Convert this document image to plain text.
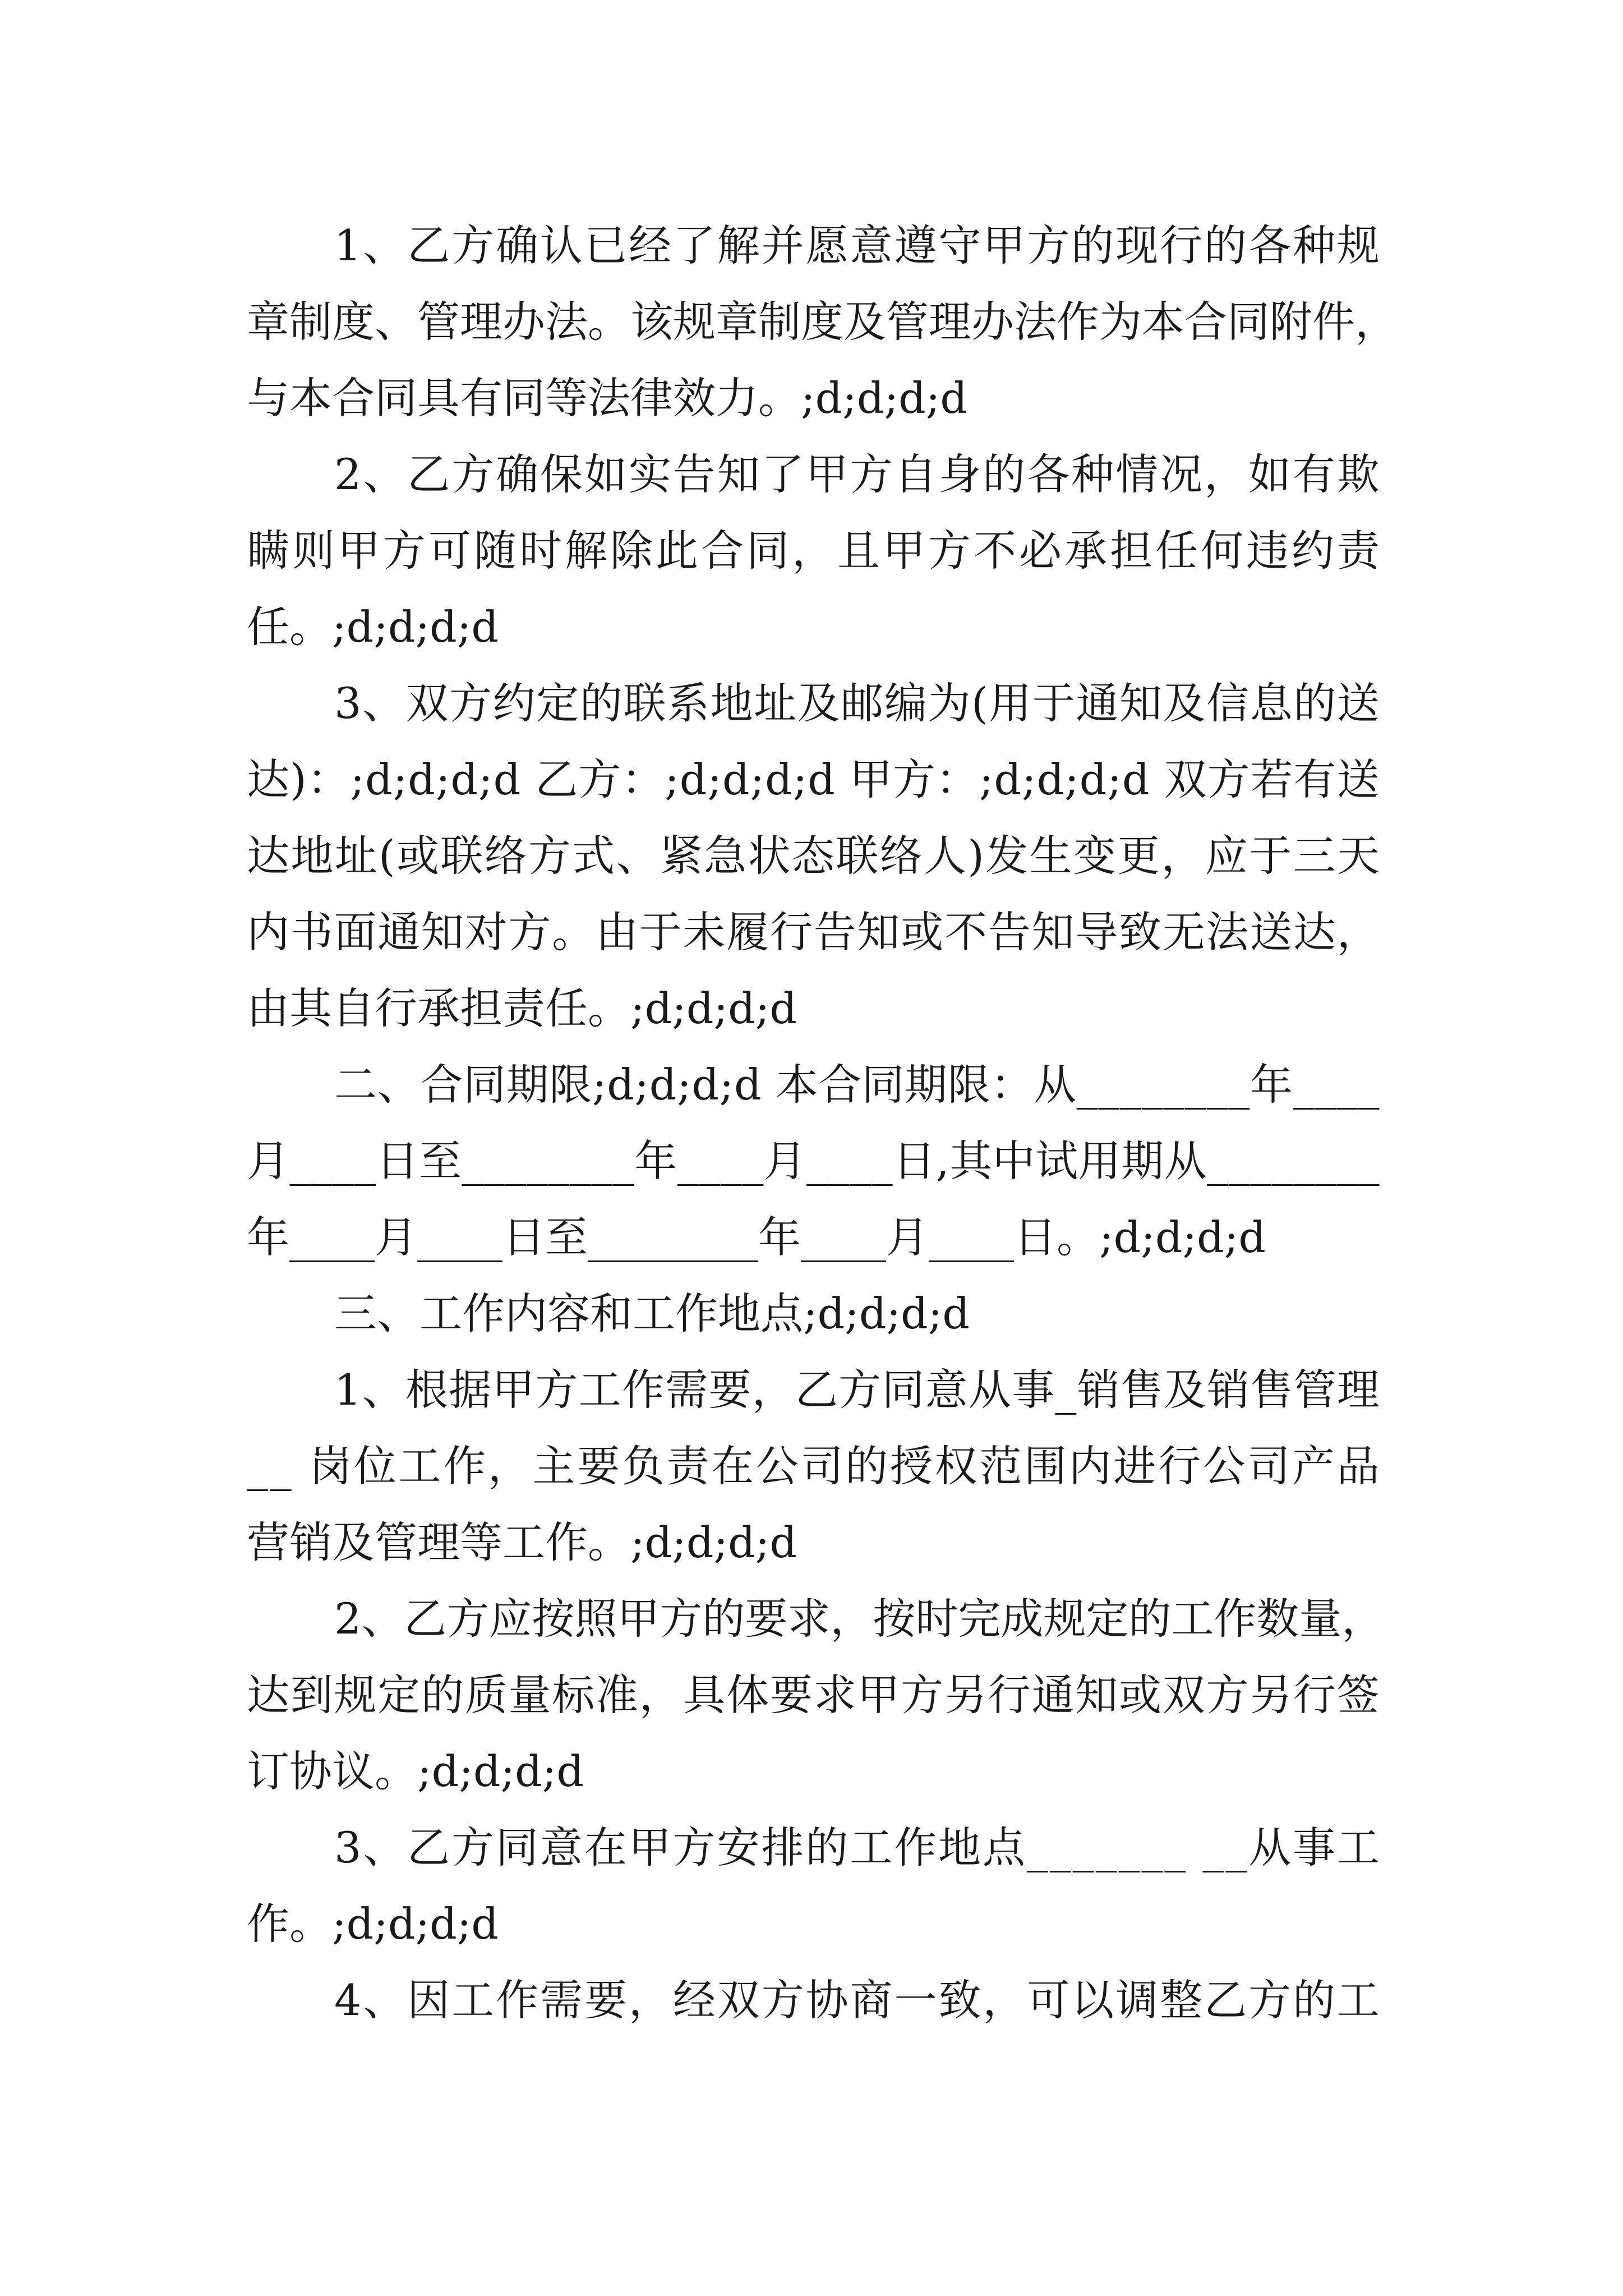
1 、 乙 方 确 认 已 经 了 解 并 愿 意 遵 守 甲 方 的 现 行 的 各 种 规
章 制 度 、 管 理 办 法 。 该 规 章 制 度 及 管 理 办 法 作 为 本 合 同 附 件 ，
与本合同具有同等法律效力。;d;d;d;d
2 、 乙 方 确 保 如 实 告 知 了 甲 方 自 身 的 各 种 情 况 ， 如 有 欺
瞒 则 甲 方 可 随 时 解 除 此 合 同 ， 且 甲 方 不 必 承 担 任 何 违 约 责
任。;d;d;d;d
3 、 双 方 约 定 的 联 系 地 址 及 邮 编 为 ( 用 于 通 知 及 信 息 的 送
达 ) ： ; d ; d ; d ; d
乙 方 ： ; d ; d ; d ; d
甲 方 ： ; d ; d ; d ; d
双 方 若 有 送
达 地 址 ( 或 联 络 方 式 、 紧 急 状 态 联 络 人 ) 发 生 变 更 ， 应 于 三 天
内 书 面 通 知 对 方 。 由 于 未 履 行 告 知 或 不 告 知 导 致 无 法 送 达 ，
由其自行承担责任。;d;d;d;d
二 、 合 同 期 限 ; d ; d ; d ; d
本 合 同 期 限 ： 从 _ _ _ _ _ _ _ _ 年 _ _ _ _
月 _ _ _ _ 日 至 _ _ _ _ _ _ _ _ 年 _ _ _ _ 月 _ _ _ _ 日 , 其 中 试 用 期 从 _ _ _ _ _ _ _ _
年____月____日至________年____月____日。;d;d;d;d
三、工作内容和工作地点;d;d;d;d
1 、 根 据 甲 方 工 作 需 要 ， 乙 方 同 意 从 事 _ 销 售 及 销 售 管 理
_ _
岗 位 工 作 ， 主 要 负 责 在 公 司 的 授 权 范 围 内 进 行 公 司 产 品
营销及管理等工作。;d;d;d;d
2 、 乙 方 应 按 照 甲 方 的 要 求 ， 按 时 完 成 规 定 的 工 作 数 量 ，
达 到 规 定 的 质 量 标 准 ， 具 体 要 求 甲 方 另 行 通 知 或 双 方 另 行 签
订协议。;d;d;d;d
3 、 乙 方 同 意 在 甲 方 安 排 的 工 作 地 点 _ _ _ _ _ _ _
_ _ 从 事 工
作。;d;d;d;d
4 、 因 工 作 需 要 ， 经 双 方 协 商 一 致 ， 可 以 调 整 乙 方 的 工
